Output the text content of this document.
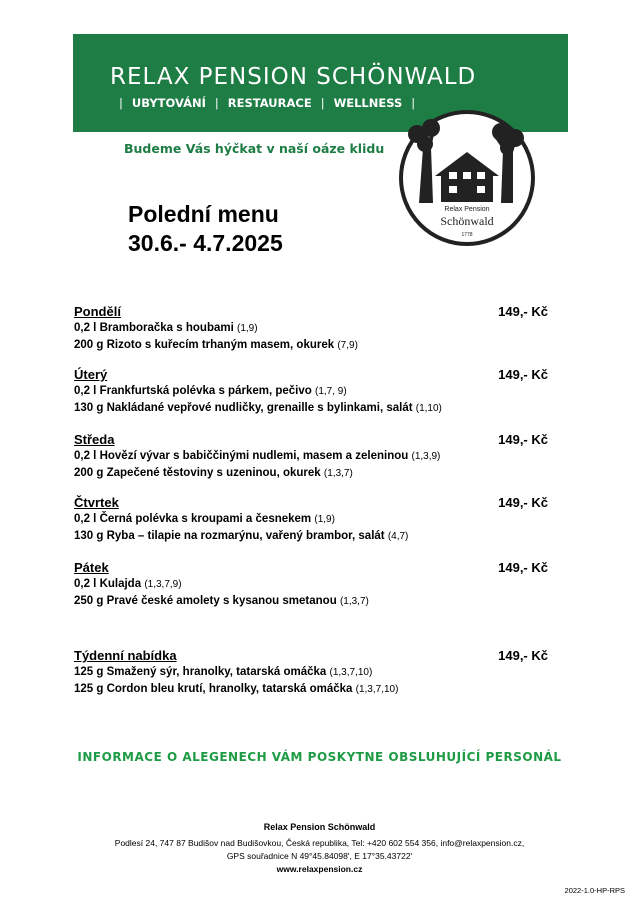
RELAX PENSION SCHÖNWALD
| UBYTOVÁNÍ | RESTAURACE | WELLNESS |
Budeme Vás hýčkat v naší oáze klidu
Relax Pension
Schönwald
1778
Polední menu
30.6.- 4.7.2025
Pondělí	149,- Kč
0,2 l Bramboračka s houbami (1,9)
200 g Rizoto s kuřecím trhaným masem, okurek (7,9)
Úterý	149,- Kč
0,2 l Frankfurtská polévka s párkem, pečivo (1,7, 9)
130 g Nakládané vepřové nudličky, grenaille s bylinkami, salát (1,10)
Středa	149,- Kč
0,2 l Hovězí vývar s babiččinými nudlemi, masem a zeleninou (1,3,9)
200 g Zapečené těstoviny s uzeninou, okurek (1,3,7)
Čtvrtek	149,- Kč
0,2 l Černá polévka s kroupami a česnekem (1,9)
130 g Ryba – tilapie na rozmarýnu, vařený brambor, salát (4,7)
Pátek	149,- Kč
0,2 l Kulajda (1,3,7,9)
250 g Pravé české amolety s kysanou smetanou (1,3,7)
Týdenní nabídka	149,- Kč
125 g Smažený sýr, hranolky, tatarská omáčka (1,3,7,10)
125 g Cordon bleu krutí, hranolky, tatarská omáčka (1,3,7,10)
INFORMACE O ALEGENECH VÁM POSKYTNE OBSLUHUJÍCÍ PERSONÁL
Relax Pension Schönwald
Podlesí 24, 747 87 Budišov nad Budišovkou, Česká republika, Tel: +420 602 554 356, info@relaxpension.cz,
GPS souřadnice N 49°45.84098', E 17°35.43722'
www.relaxpension.cz
2022-1.0-HP-RPS
